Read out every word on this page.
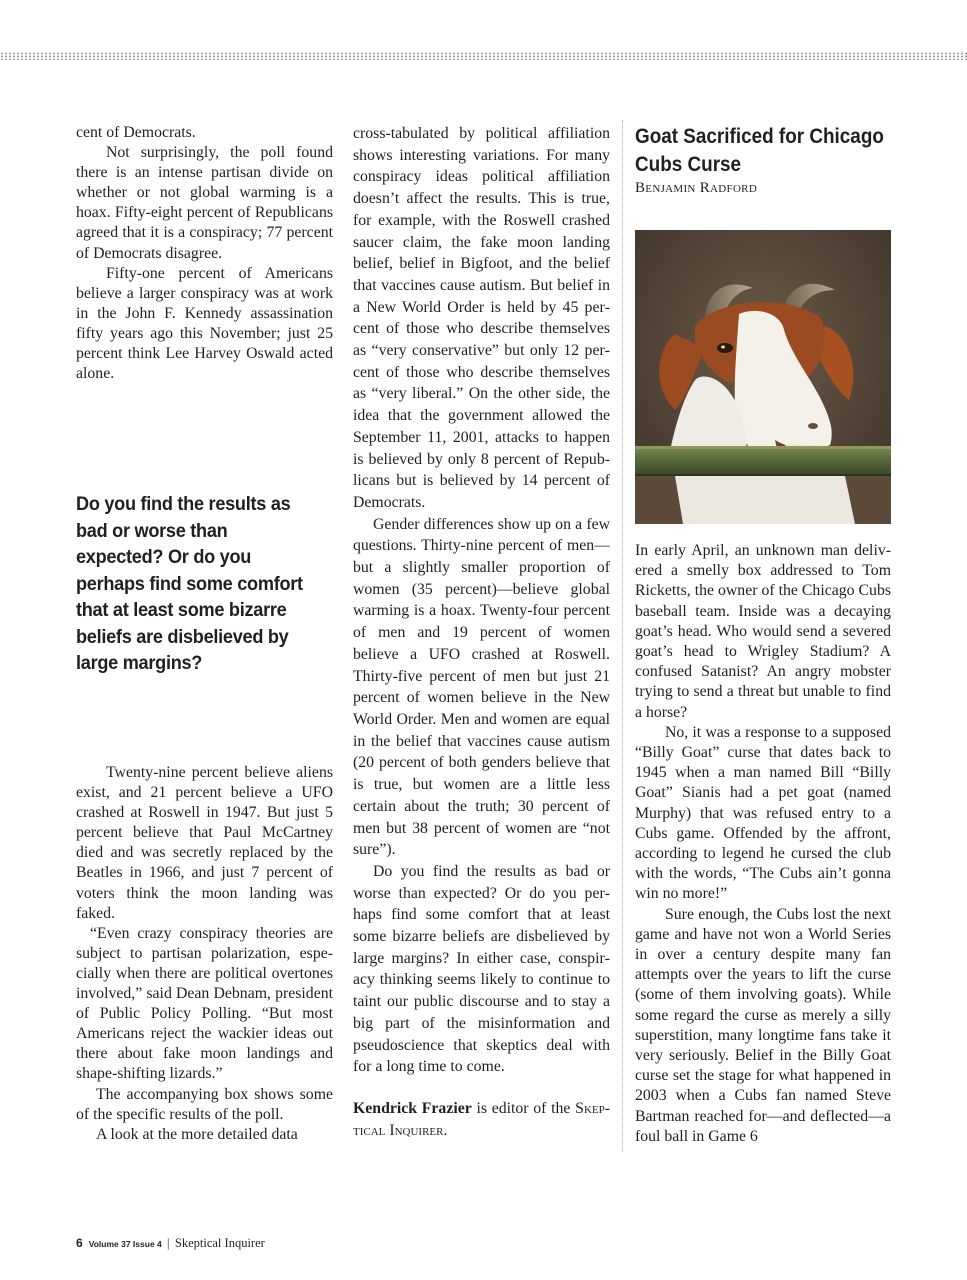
cent of Democrats.

Not surprisingly, the poll found there is an intense partisan divide on whether or not global warming is a hoax. Fifty-eight percent of Republicans agreed that it is a conspiracy; 77 percent of Democrats disagree.

Fifty-one percent of Americans believe a larger conspiracy was at work in the John F. Kennedy assassination fifty years ago this November; just 25 percent think Lee Harvey Oswald acted alone.

Do you find the results as bad or worse than expected? Or do you perhaps find some comfort that at least some bizarre beliefs are disbelieved by large margins?

Twenty-nine percent believe aliens exist, and 21 percent believe a UFO crashed at Roswell in 1947. But just 5 percent believe that Paul McCartney died and was secretly replaced by the Beatles in 1966, and just 7 percent of voters think the moon landing was faked.

“Even crazy conspiracy theories are subject to partisan polarization, especially when there are political overtones involved,” said Dean Debnam, president of Public Policy Polling. “But most Americans reject the wackier ideas out there about fake moon landings and shape-shifting lizards.”

The accompanying box shows some of the specific results of the poll.

A look at the more detailed data

cross-tabulated by political affiliation shows interesting variations. For many conspiracy ideas political affiliation doesn’t affect the results. This is true, for example, with the Roswell crashed saucer claim, the fake moon landing belief, belief in Bigfoot, and the belief that vaccines cause autism. But belief in a New World Order is held by 45 percent of those who describe themselves as “very conservative” but only 12 percent of those who describe themselves as “very liberal.” On the other side, the idea that the government allowed the September 11, 2001, attacks to happen is believed by only 8 percent of Republicans but is believed by 14 percent of Democrats.

Gender differences show up on a few questions. Thirty-nine percent of men—but a slightly smaller proportion of women (35 percent)—believe global warming is a hoax. Twenty-four percent of men and 19 percent of women believe a UFO crashed at Roswell. Thirty-five percent of men but just 21 percent of women believe in the New World Order. Men and women are equal in the belief that vaccines cause autism (20 percent of both genders believe that is true, but women are a little less certain about the truth; 30 percent of men but 38 percent of women are “not sure”).

Do you find the results as bad or worse than expected? Or do you perhaps find some comfort that at least some bizarre beliefs are disbelieved by large margins? In either case, conspiracy thinking seems likely to continue to taint our public discourse and to stay a big part of the misinformation and pseudoscience that skeptics deal with for a long time to come.

Kendrick Frazier is editor of the Skeptical Inquirer.

Goat Sacrificed for Chicago Cubs Curse

Benjamin Radford

In early April, an unknown man delivered a smelly box addressed to Tom Ricketts, the owner of the Chicago Cubs baseball team. Inside was a decaying goat’s head. Who would send a severed goat’s head to Wrigley Stadium? A confused Satanist? An angry mobster trying to send a threat but unable to find a horse?

No, it was a response to a supposed “Billy Goat” curse that dates back to 1945 when a man named Bill “Billy Goat” Sianis had a pet goat (named Murphy) that was refused entry to a Cubs game. Offended by the affront, according to legend he cursed the club with the words, “The Cubs ain’t gonna win no more!”

Sure enough, the Cubs lost the next game and have not won a World Series in over a century despite many fan attempts over the years to lift the curse (some of them involving goats). While some regard the curse as merely a silly superstition, many longtime fans take it very seriously. Belief in the Billy Goat curse set the stage for what happened in 2003 when a Cubs fan named Steve Bartman reached for—and deflected—a foul ball in Game 6

6 Volume 37 Issue 4 | Skeptical Inquirer
